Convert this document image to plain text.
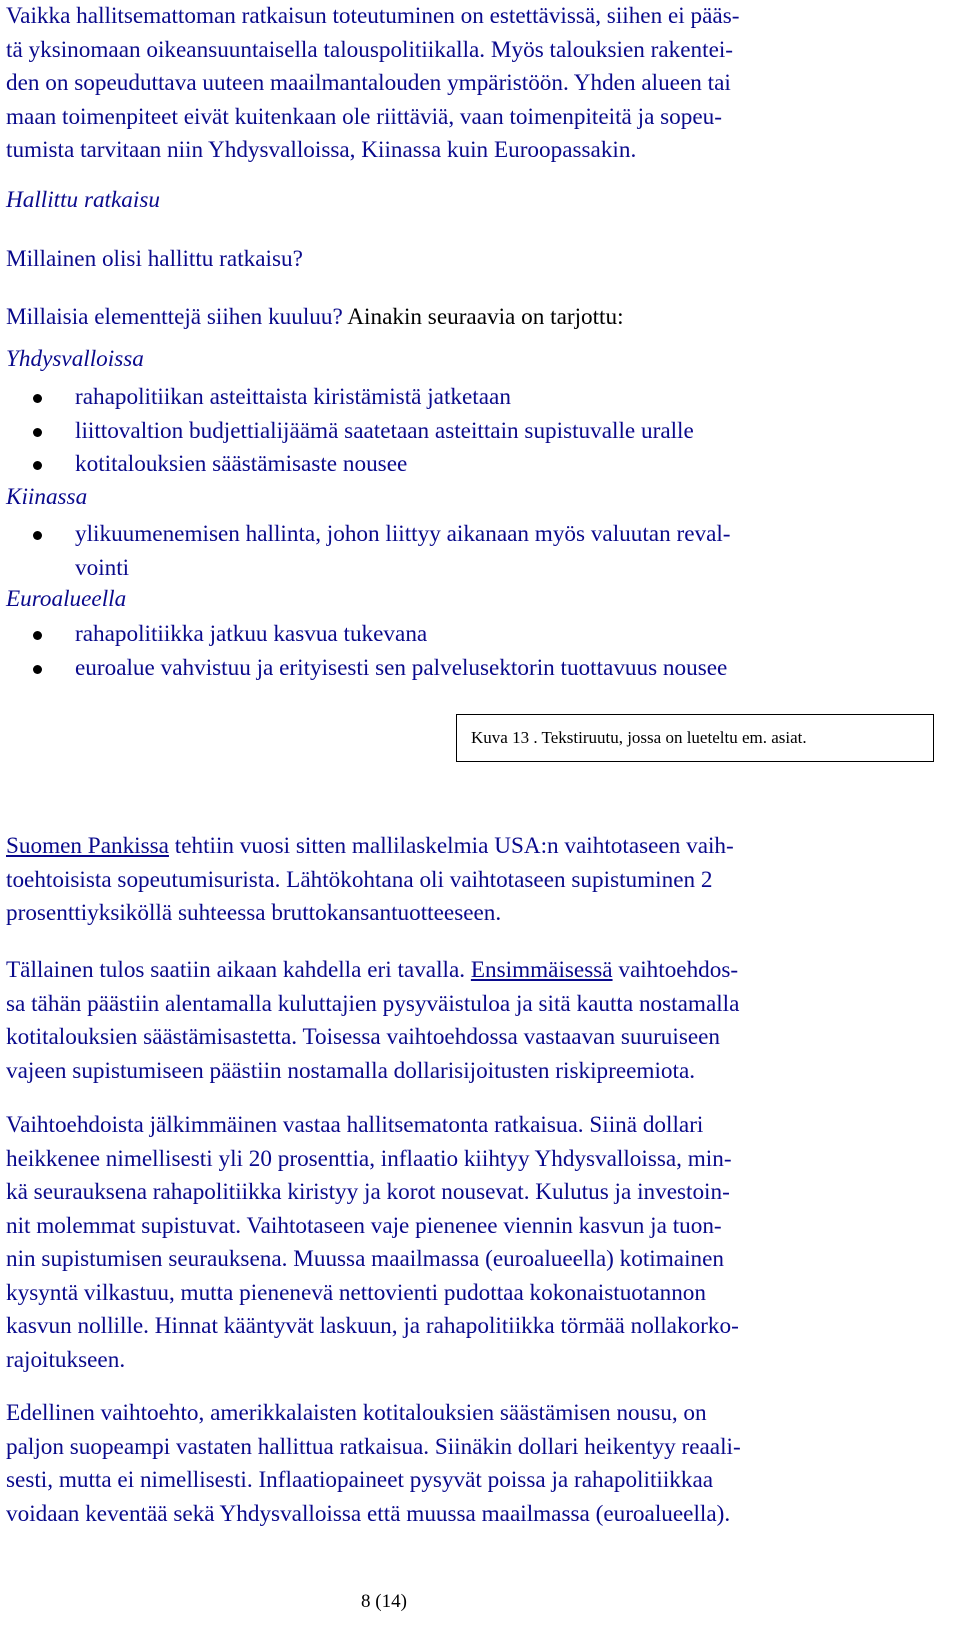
Vaikka hallitsemattoman ratkaisun toteutuminen on estettävissä, siihen ei pääs-
tä yksinomaan oikeansuuntaisella talouspolitiikalla. Myös talouksien rakentei-
den on sopeuduttava uuteen maailmantalouden ympäristöön. Yhden alueen tai
maan toimenpiteet eivät kuitenkaan ole riittäviä, vaan toimenpiteitä ja sopeu-
tumista tarvitaan niin Yhdysvalloissa, Kiinassa kuin Euroopassakin.

Hallittu ratkaisu
Millainen olisi hallittu ratkaisu?
Millaisia elementtejä siihen kuuluu? Ainakin seuraavia on tarjottu:
Yhdysvalloissa
rahapolitiikan asteittaista kiristämistä jatketaan
liittovaltion budjettialijäämä saatetaan asteittain supistuvalle uralle
kotitalouksien säästämisaste nousee
Kiinassa
ylikuumenemisen hallinta, johon liittyy aikanaan myös valuutan reval-
vointi
Euroalueella
rahapolitiikka jatkuu kasvua tukevana
euroalue vahvistuu ja erityisesti sen palvelusektorin tuottavuus nousee
Kuva 13 . Tekstiruutu, jossa on lueteltu em. asiat.

Suomen Pankissa tehtiin vuosi sitten mallilaskelmia USA:n vaihtotaseen vaih-
toehtoisista sopeutumisurista. Lähtökohtana oli vaihtotaseen supistuminen 2
prosenttiyksiköllä suhteessa bruttokansantuotteeseen.

Tällainen tulos saatiin aikaan kahdella eri tavalla. Ensimmäisessä vaihtoehdos-
sa tähän päästiin alentamalla kuluttajien pysyväistuloa ja sitä kautta nostamalla
kotitalouksien säästämisastetta. Toisessa vaihtoehdossa vastaavan suuruiseen
vajeen supistumiseen päästiin nostamalla dollarisijoitusten riskipreemiota.

Vaihtoehdoista jälkimmäinen vastaa hallitsematonta ratkaisua. Siinä dollari
heikkenee nimellisesti yli 20 prosenttia, inflaatio kiihtyy Yhdysvalloissa, min-
kä seurauksena rahapolitiikka kiristyy ja korot nousevat. Kulutus ja investoin-
nit molemmat supistuvat. Vaihtotaseen vaje pienenee viennin kasvun ja tuon-
nin supistumisen seurauksena. Muussa maailmassa (euroalueella) kotimainen
kysyntä vilkastuu, mutta pienenevä nettovienti pudottaa kokonaistuotannon
kasvun nollille. Hinnat kääntyvät laskuun, ja rahapolitiikka törmää nollakorko-
rajoitukseen.

Edellinen vaihtoehto, amerikkalaisten kotitalouksien säästämisen nousu, on
paljon suopeampi vastaten hallittua ratkaisua. Siinäkin dollari heikentyy reaali-
sesti, mutta ei nimellisesti. Inflaatiopaineet pysyvät poissa ja rahapolitiikkaa
voidaan keventää sekä Yhdysvalloissa että muussa maailmassa (euroalueella).

8 (14)
